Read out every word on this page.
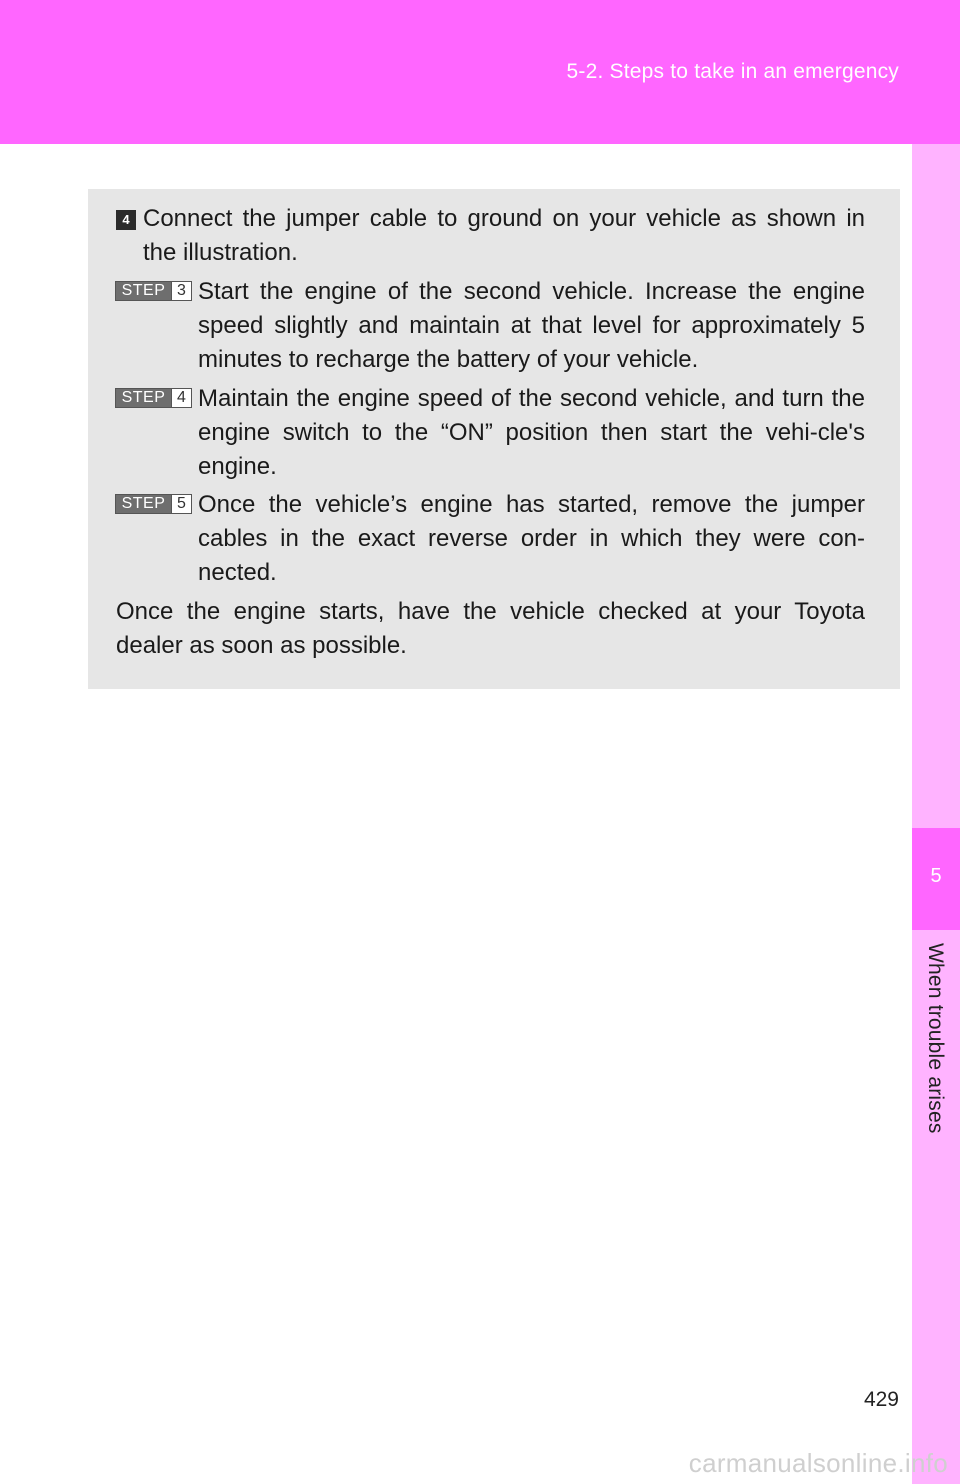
5-2. Steps to take in an emergency
5
When trouble arises
4 Connect the jumper cable to ground on your vehicle as shown in the illustration.

STEP 3 Start the engine of the second vehicle. Increase the engine speed slightly and maintain at that level for approximately 5 minutes to recharge the battery of your vehicle.

STEP 4 Maintain the engine speed of the second vehicle, and turn the engine switch to the “ON” position then start the vehi-cle's engine.

STEP 5 Once the vehicle’s engine has started, remove the jumper cables in the exact reverse order in which they were con-nected.

Once the engine starts, have the vehicle checked at your Toyota dealer as soon as possible.

429
carmanualsonline.info
